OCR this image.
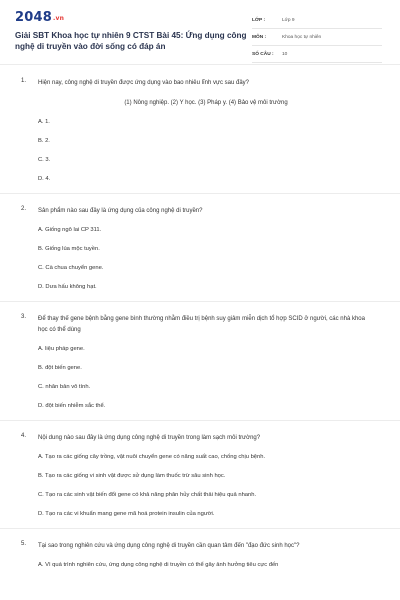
2048.vn
Giải SBT Khoa học tự nhiên 9 CTST Bài 45: Ứng dụng công nghệ di truyền vào đời sống có đáp án
LỚP :	Lớp 9
MÔN :	Khoa học tự nhiên
SỐ CÂU :	10
1. Hiện nay, công nghệ di truyền được ứng dụng vào bao nhiêu lĩnh vực sau đây?
(1) Nông nghiệp. (2) Y học. (3) Pháp y. (4) Bảo vệ môi trường
A. 1.
B. 2.
C. 3.
D. 4.
2. Sản phẩm nào sau đây là ứng dụng của công nghệ di truyền?
A. Giống ngô lai CP 311.
B. Giống lúa mộc tuyền.
C. Cà chua chuyển gene.
D. Dưa hấu không hạt.
3. Để thay thế gene bệnh bằng gene bình thường nhằm điều trị bệnh suy giảm miễn dịch tổ hợp SCID ở người, các nhà khoa học có thể dùng
A. liệu pháp gene.
B. đột biến gene.
C. nhân bản vô tính.
D. đột biến nhiễm sắc thể.
4. Nội dung nào sau đây là ứng dụng công nghệ di truyền trong làm sạch môi trường?
A. Tạo ra các giống cây trồng, vật nuôi chuyển gene có năng suất cao, chống chịu bệnh.
B. Tạo ra các giống vi sinh vật được sử dụng làm thuốc trừ sâu sinh học.
C. Tạo ra các sinh vật biến đổi gene có khả năng phân hủy chất thải hiệu quả nhanh.
D. Tạo ra các vi khuẩn mang gene mã hoá protein insulin của người.
5. Tại sao trong nghiên cứu và ứng dụng công nghệ di truyền cần quan tâm đến "đạo đức sinh học"?
A. Vì quá trình nghiên cứu, ứng dụng công nghệ di truyền có thể gây ảnh hưởng tiêu cực đến
